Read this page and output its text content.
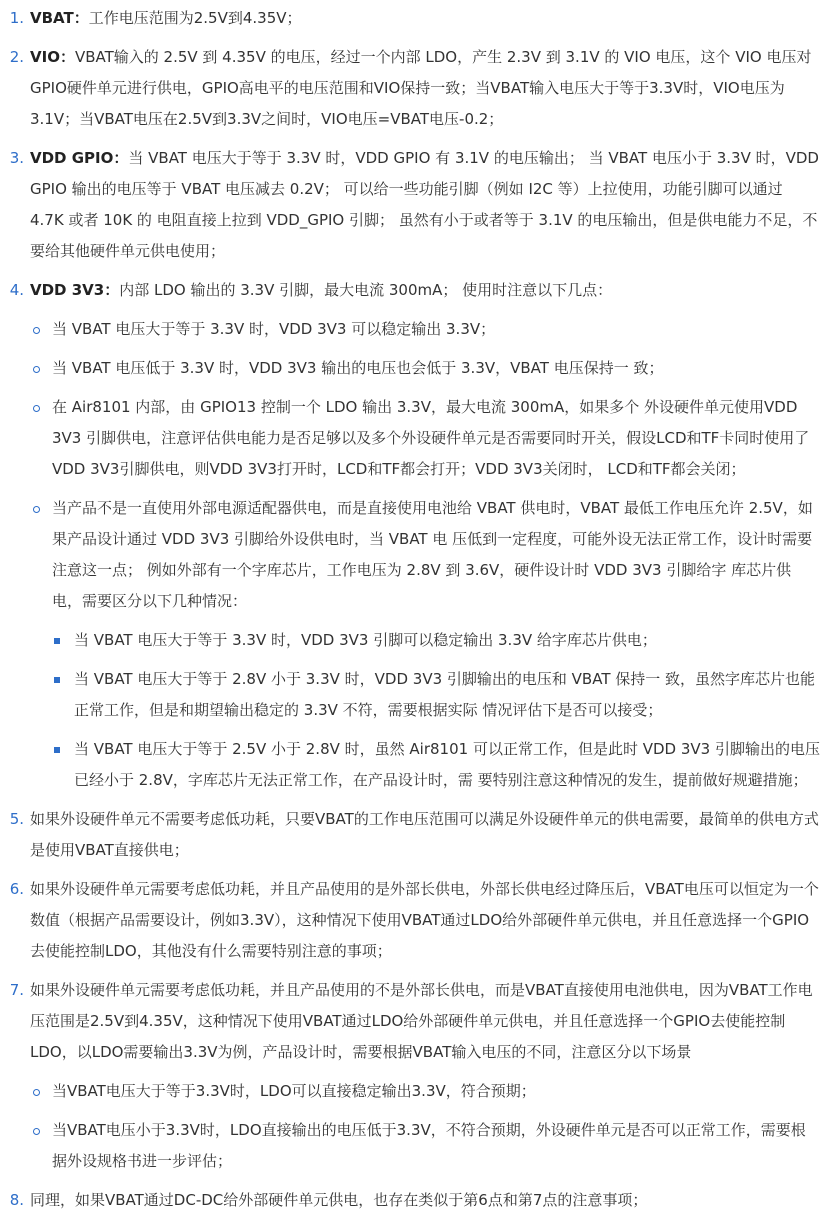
1. VBAT：工作电压范围为2.5V到4.35V；
2. VIO：VBAT输入的 2.5V 到 4.35V 的电压，经过一个内部 LDO，产生 2.3V 到 3.1V 的 VIO 电压，这个 VIO 电压对GPIO硬件单元进行供电，GPIO高电平的电压范围和VIO保持一致；当VBAT输入电压大于等于3.3V时，VIO电压为3.1V；当VBAT电压在2.5V到3.3V之间时，VIO电压=VBAT电压-0.2；
3. VDD GPIO：当 VBAT 电压大于等于 3.3V 时，VDD GPIO 有 3.1V 的电压输出； 当 VBAT 电压小于 3.3V 时，VDD GPIO 输出的电压等于 VBAT 电压减去 0.2V； 可以给一些功能引脚（例如 I2C 等）上拉使用，功能引脚可以通过 4.7K 或者 10K 的 电阻直接上拉到 VDD_GPIO 引脚； 虽然有小于或者等于 3.1V 的电压输出，但是供电能力不足，不要给其他硬件单元供电使用；
4. VDD 3V3：内部 LDO 输出的 3.3V 引脚，最大电流 300mA； 使用时注意以下几点：
当 VBAT 电压大于等于 3.3V 时，VDD 3V3 可以稳定输出 3.3V；
当 VBAT 电压低于 3.3V 时，VDD 3V3 输出的电压也会低于 3.3V，VBAT 电压保持一 致；
在 Air8101 内部，由 GPIO13 控制一个 LDO 输出 3.3V，最大电流 300mA，如果多个 外设硬件单元使用VDD 3V3 引脚供电，注意评估供电能力是否足够以及多个外设硬件单元是否需要同时开关，假设LCD和TF卡同时使用了VDD 3V3引脚供电，则VDD 3V3打开时，LCD和TF都会打开；VDD 3V3关闭时， LCD和TF都会关闭；
当产品不是一直使用外部电源适配器供电，而是直接使用电池给 VBAT 供电时，VBAT 最低工作电压允许 2.5V，如果产品设计通过 VDD 3V3 引脚给外设供电时，当 VBAT 电 压低到一定程度，可能外设无法正常工作，设计时需要注意这一点； 例如外部有一个字库芯片，工作电压为 2.8V 到 3.6V，硬件设计时 VDD 3V3 引脚给字 库芯片供电，需要区分以下几种情况：
当 VBAT 电压大于等于 3.3V 时，VDD 3V3 引脚可以稳定输出 3.3V 给字库芯片供电；
当 VBAT 电压大于等于 2.8V 小于 3.3V 时，VDD 3V3 引脚输出的电压和 VBAT 保持一 致，虽然字库芯片也能正常工作，但是和期望输出稳定的 3.3V 不符，需要根据实际 情况评估下是否可以接受；
当 VBAT 电压大于等于 2.5V 小于 2.8V 时，虽然 Air8101 可以正常工作，但是此时 VDD 3V3 引脚输出的电压已经小于 2.8V，字库芯片无法正常工作，在产品设计时，需 要特别注意这种情况的发生，提前做好规避措施；
5. 如果外设硬件单元不需要考虑低功耗，只要VBAT的工作电压范围可以满足外设硬件单元的供电需要，最简单的供电方式是使用VBAT直接供电；
6. 如果外设硬件单元需要考虑低功耗，并且产品使用的是外部长供电，外部长供电经过降压后，VBAT电压可以恒定为一个数值（根据产品需要设计，例如3.3V），这种情况下使用VBAT通过LDO给外部硬件单元供电，并且任意选择一个GPIO去使能控制LDO，其他没有什么需要特别注意的事项；
7. 如果外设硬件单元需要考虑低功耗，并且产品使用的不是外部长供电，而是VBAT直接使用电池供电，因为VBAT工作电压范围是2.5V到4.35V，这种情况下使用VBAT通过LDO给外部硬件单元供电，并且任意选择一个GPIO去使能控制LDO，以LDO需要输出3.3V为例，产品设计时，需要根据VBAT输入电压的不同，注意区分以下场景
当VBAT电压大于等于3.3V时，LDO可以直接稳定输出3.3V，符合预期；
当VBAT电压小于3.3V时，LDO直接输出的电压低于3.3V，不符合预期，外设硬件单元是否可以正常工作，需要根据外设规格书进一步评估；
8. 同理，如果VBAT通过DC-DC给外部硬件单元供电，也存在类似于第6点和第7点的注意事项；
